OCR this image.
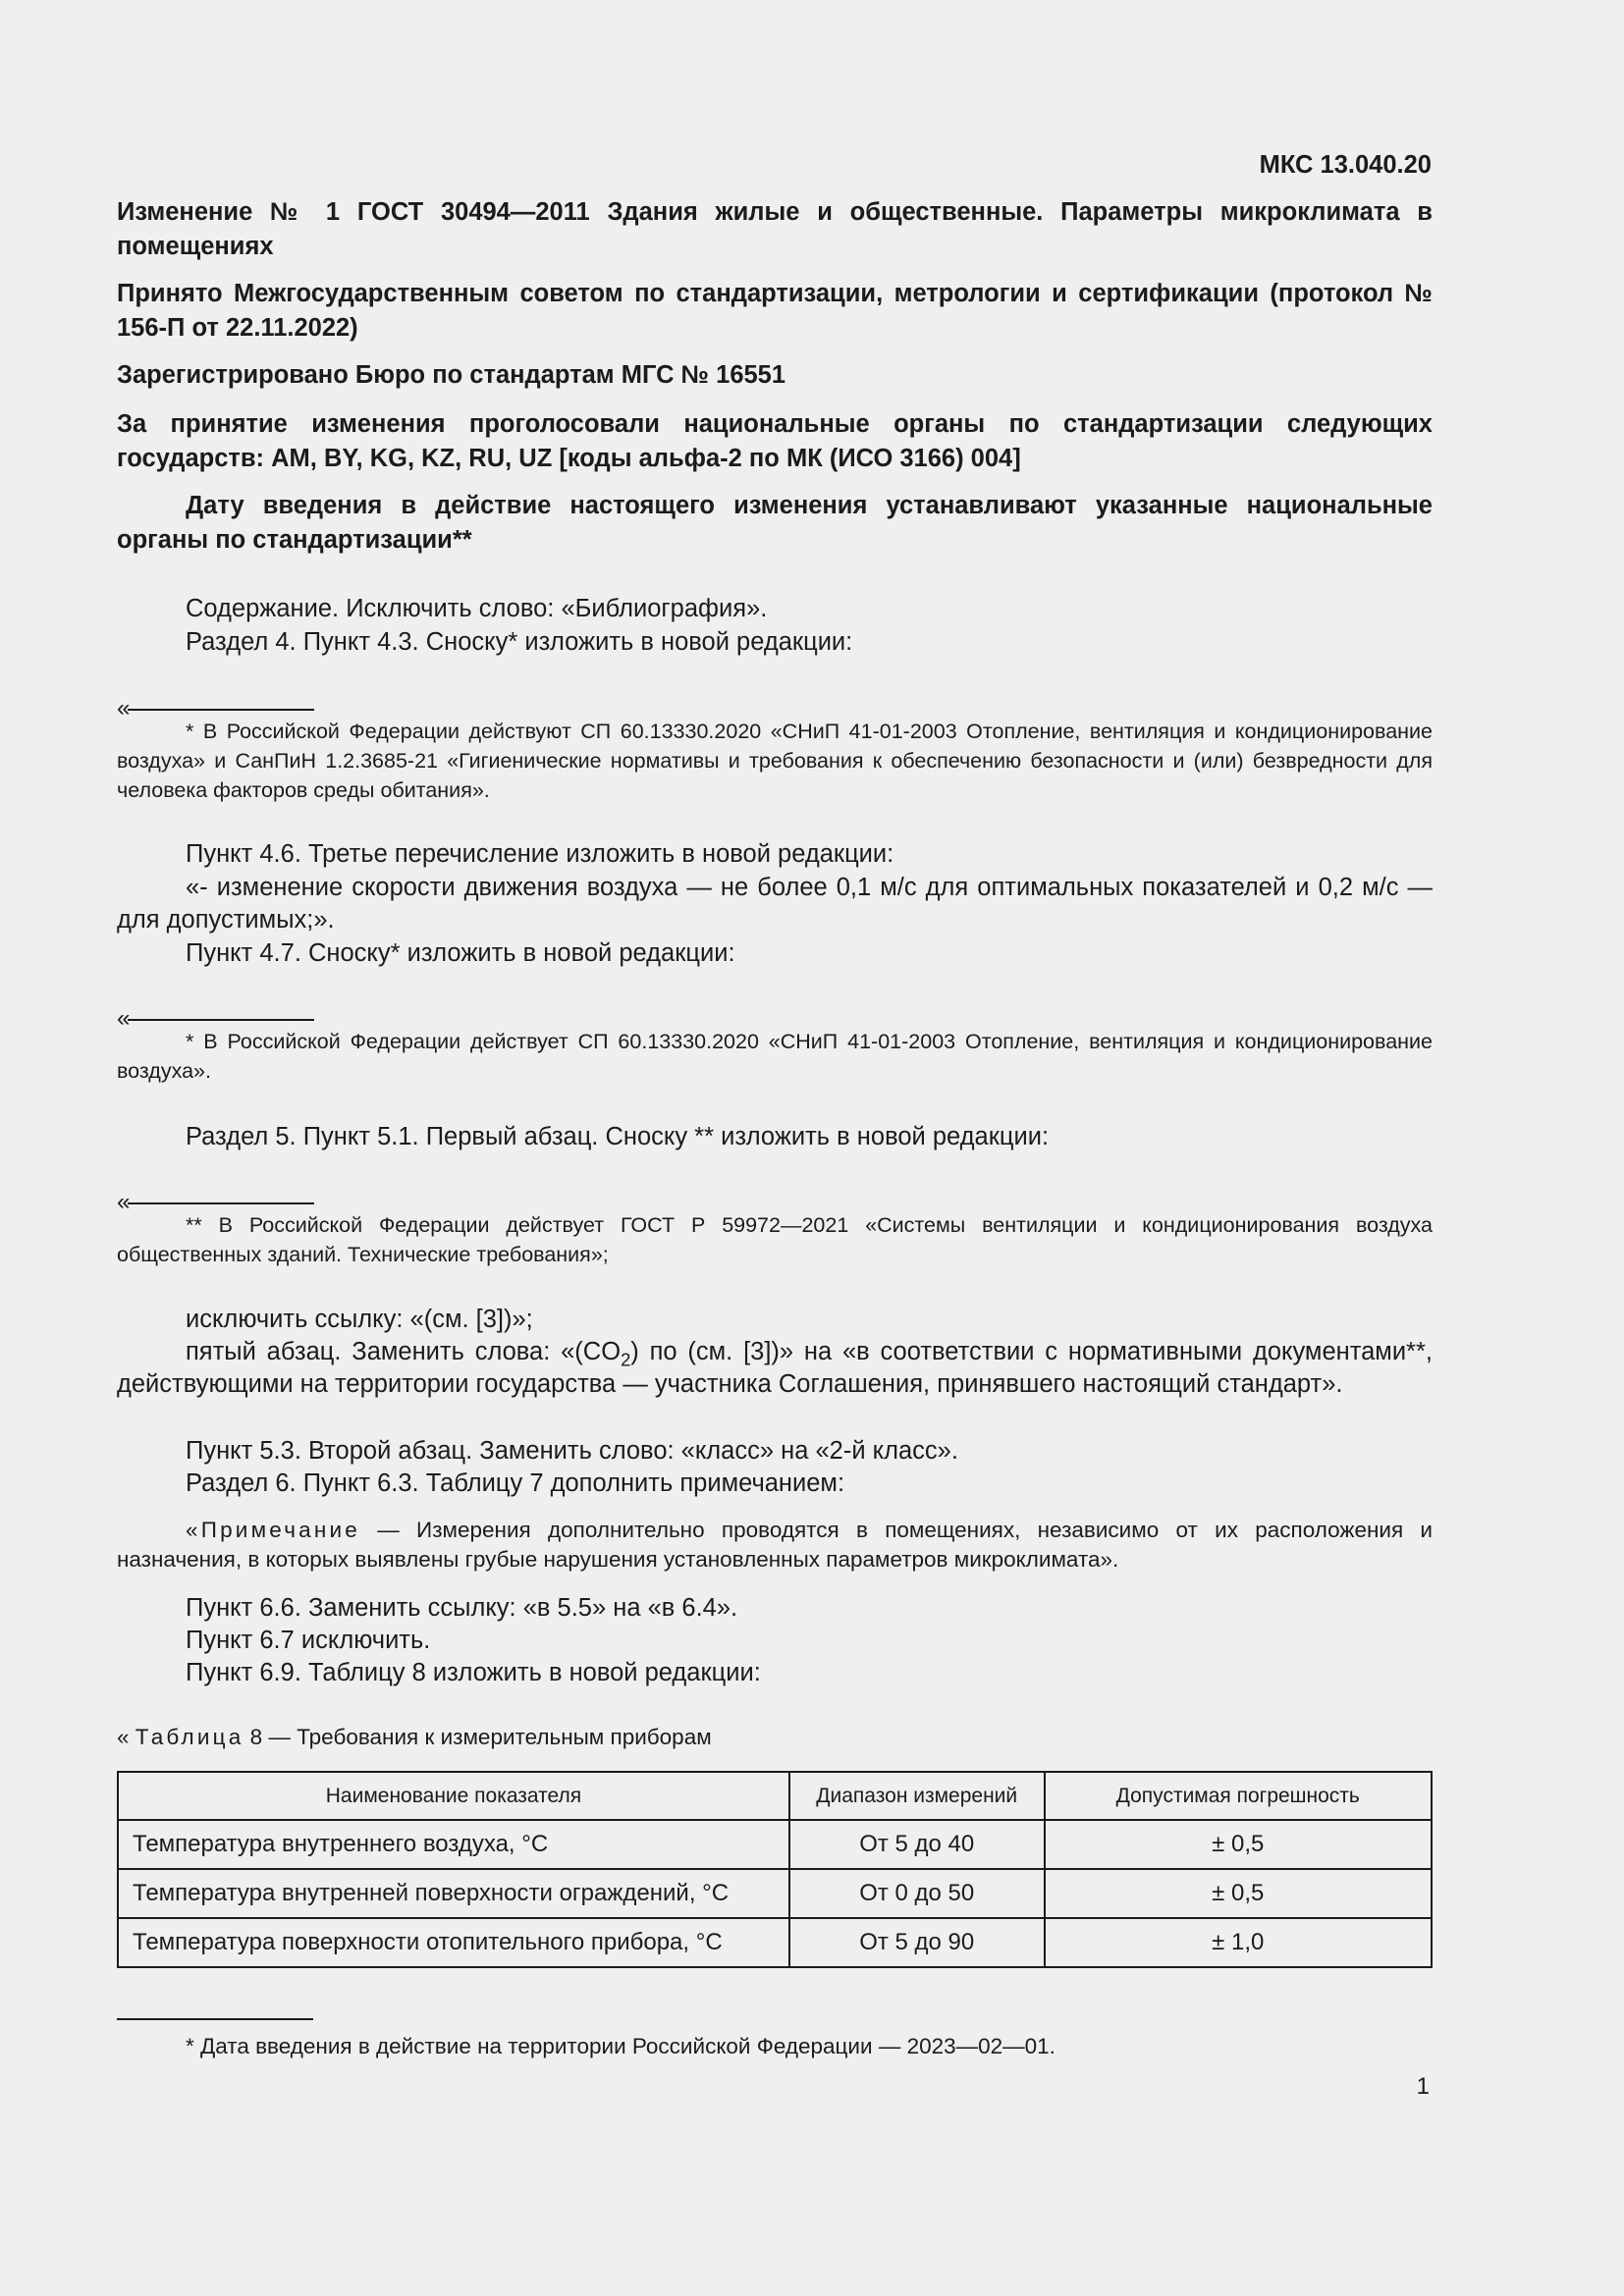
МКС 13.040.20
Изменение № 1 ГОСТ 30494—2011 Здания жилые и общественные. Параметры микроклимата в помещениях
Принято Межгосударственным советом по стандартизации, метрологии и сертификации (протокол № 156-П от 22.11.2022)
Зарегистрировано Бюро по стандартам МГС № 16551
За принятие изменения проголосовали национальные органы по стандартизации следующих государств: AM, BY, KG, KZ, RU, UZ [коды альфа-2 по МК (ИСО 3166) 004]
Дату введения в действие настоящего изменения устанавливают указанные национальные органы по стандартизации**
Содержание. Исключить слово: «Библиография».
Раздел 4. Пункт 4.3. Сноску* изложить в новой редакции:
«
* В Российской Федерации действуют СП 60.13330.2020 «СНиП 41-01-2003 Отопление, вентиляция и кондиционирование воздуха» и СанПиН 1.2.3685-21 «Гигиенические нормативы и требования к обеспечению безопасности и (или) безвредности для человека факторов среды обитания».
Пункт 4.6. Третье перечисление изложить в новой редакции:
«- изменение скорости движения воздуха — не более 0,1 м/с для оптимальных показателей и 0,2 м/с — для допустимых;».
Пункт 4.7. Сноску* изложить в новой редакции:
«
* В Российской Федерации действует СП 60.13330.2020 «СНиП 41-01-2003 Отопление, вентиляция и кондиционирование воздуха».
Раздел 5. Пункт 5.1. Первый абзац. Сноску ** изложить в новой редакции:
«
** В Российской Федерации действует ГОСТ Р 59972—2021 «Системы вентиляции и кондиционирования воздуха общественных зданий. Технические требования»;
исключить ссылку: «(см. [3])»;
пятый абзац. Заменить слова: «$(CO_2)$ по (см. [3])» на «в соответствии с нормативными документами**, действующими на территории государства — участника Соглашения, принявшего настоящий стандарт».
Пункт 5.3. Второй абзац. Заменить слово: «класс» на «2-й класс».
Раздел 6. Пункт 6.3. Таблицу 7 дополнить примечанием:
«Примечание — Измерения дополнительно проводятся в помещениях, независимо от их расположения и назначения, в которых выявлены грубые нарушения установленных параметров микроклимата».
Пункт 6.6. Заменить ссылку: «в 5.5» на «в 6.4».
Пункт 6.7 исключить.
Пункт 6.9. Таблицу 8 изложить в новой редакции:
« Таблица 8 — Требования к измерительным приборам
Наименование показателя	Диапазон измерений	Допустимая погрешность
Температура внутреннего воздуха, °С	От 5 до 40	± 0,5
Температура внутренней поверхности ограждений, °С	От 0 до 50	± 0,5
Температура поверхности отопительного прибора, °С	От 5 до 90	± 1,0
* Дата введения в действие на территории Российской Федерации — 2023—02—01.
1
